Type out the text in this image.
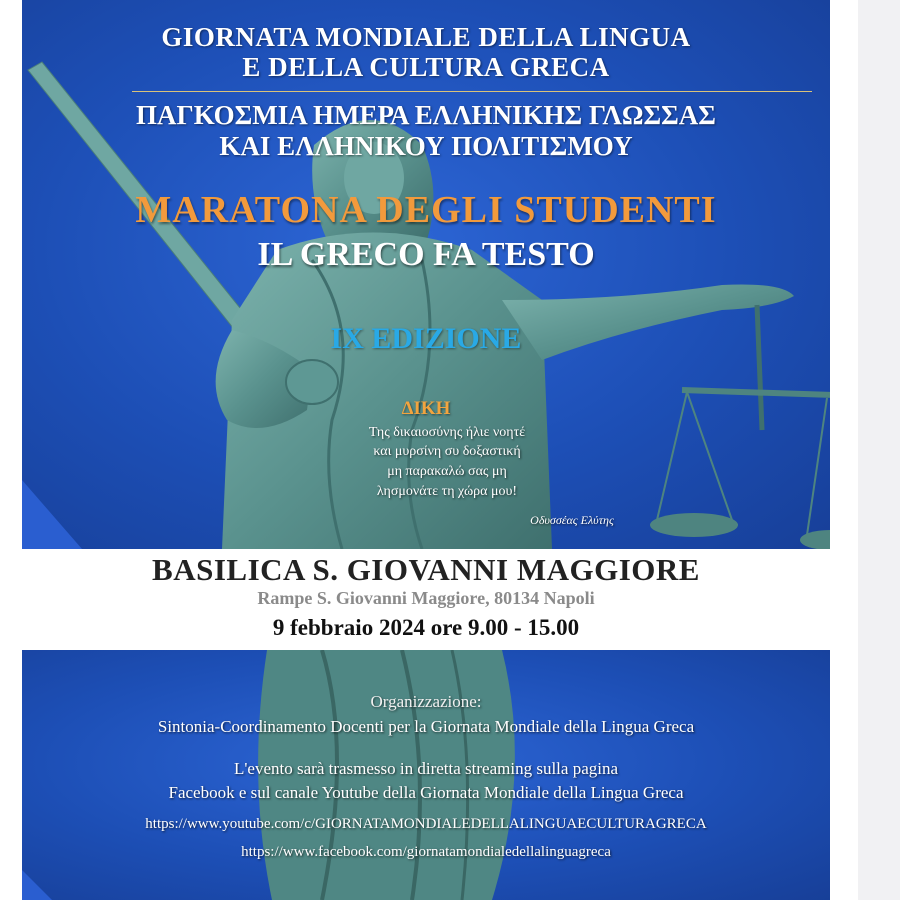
GIORNATA MONDIALE DELLA LINGUA

E DELLA CULTURA GRECA

ΠΑΓΚΟΣΜΙΑ ΗΜΕΡΑ ΕΛΛΗΝΙΚΗΣ ΓΛΩΣΣΑΣ

ΚΑΙ ΕΛΛΗΝΙΚΟΥ ΠΟΛΙΤΙΣΜΟΥ

MARATONA DEGLI STUDENTI

IL GRECO FA TESTO

IX EDIZIONE

ΔΙΚΗ

Της δικαιοσύνης ήλιε νοητέ

και μυρσίνη συ δοξαστική

μη παρακαλώ σας μη

λησμονάτε τη χώρα μου!

Οδυσσέας Ελύτης

BASILICA S. GIOVANNI MAGGIORE

Rampe S. Giovanni Maggiore, 80134 Napoli

9 febbraio 2024 ore 9.00 - 15.00

Organizzazione:

Sintonia-Coordinamento Docenti per la Giornata Mondiale della Lingua Greca

L'evento sarà trasmesso in diretta streaming sulla pagina

Facebook e sul canale Youtube della Giornata Mondiale della Lingua Greca

https://www.youtube.com/c/GIORNATAMONDIALEDELLALINGUAECULTURAGRECA

https://www.facebook.com/giornatamondialedellalinguagreca
